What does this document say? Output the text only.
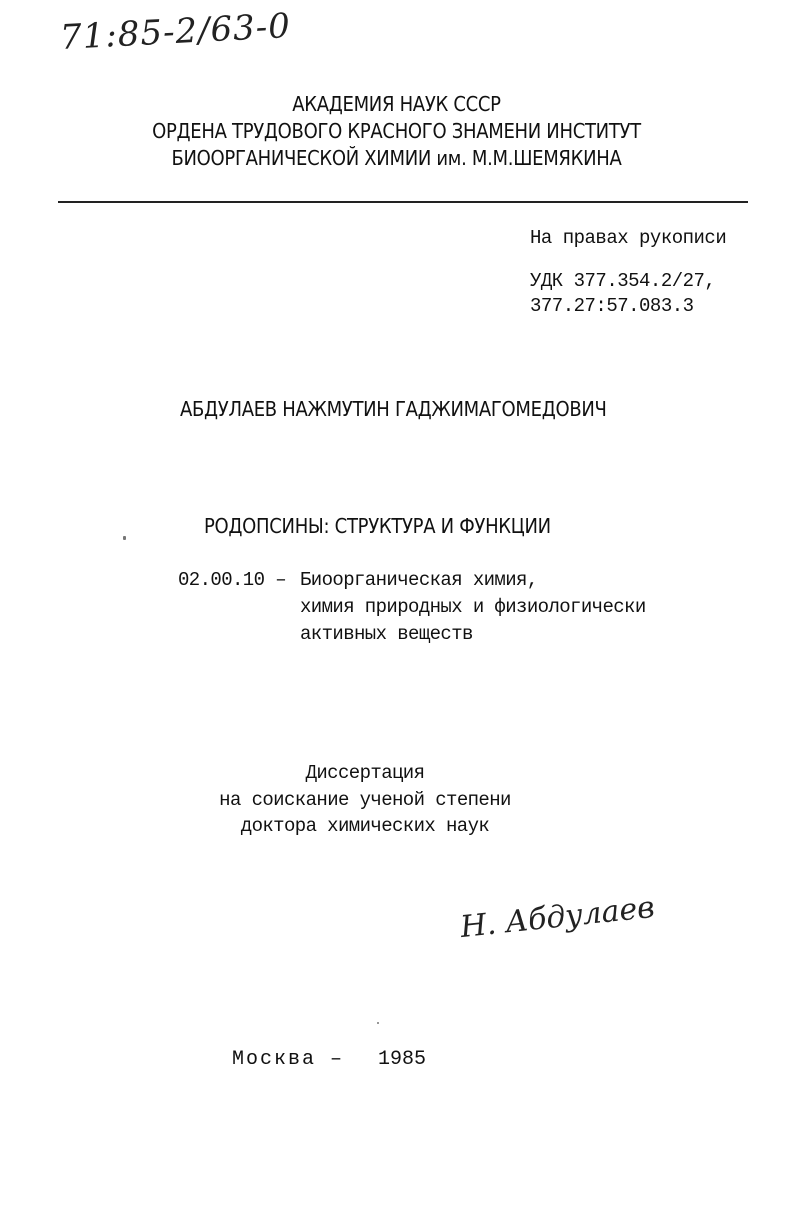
71:85-2/63-0
АКАДЕМИЯ НАУК СССР
ОРДЕНА ТРУДОВОГО КРАСНОГО ЗНАМЕНИ ИНСТИТУТ
БИООРГАНИЧЕСКОЙ ХИМИИ им. М.М.ШЕМЯКИНА
На правах рукописи
УДК 377.354.2/27,
377.27:57.083.3
АБДУЛАЕВ НАЖМУТИН ГАДЖИМАГОМЕДОВИЧ
РОДОПСИНЫ: СТРУКТУРА И ФУНКЦИИ
02.00.10 – Биоорганическая химия,
химия природных и физиологически
активных веществ
Диссертация
на соискание ученой степени
доктора химических наук
Н. Абдулаев
Москва – 1985
